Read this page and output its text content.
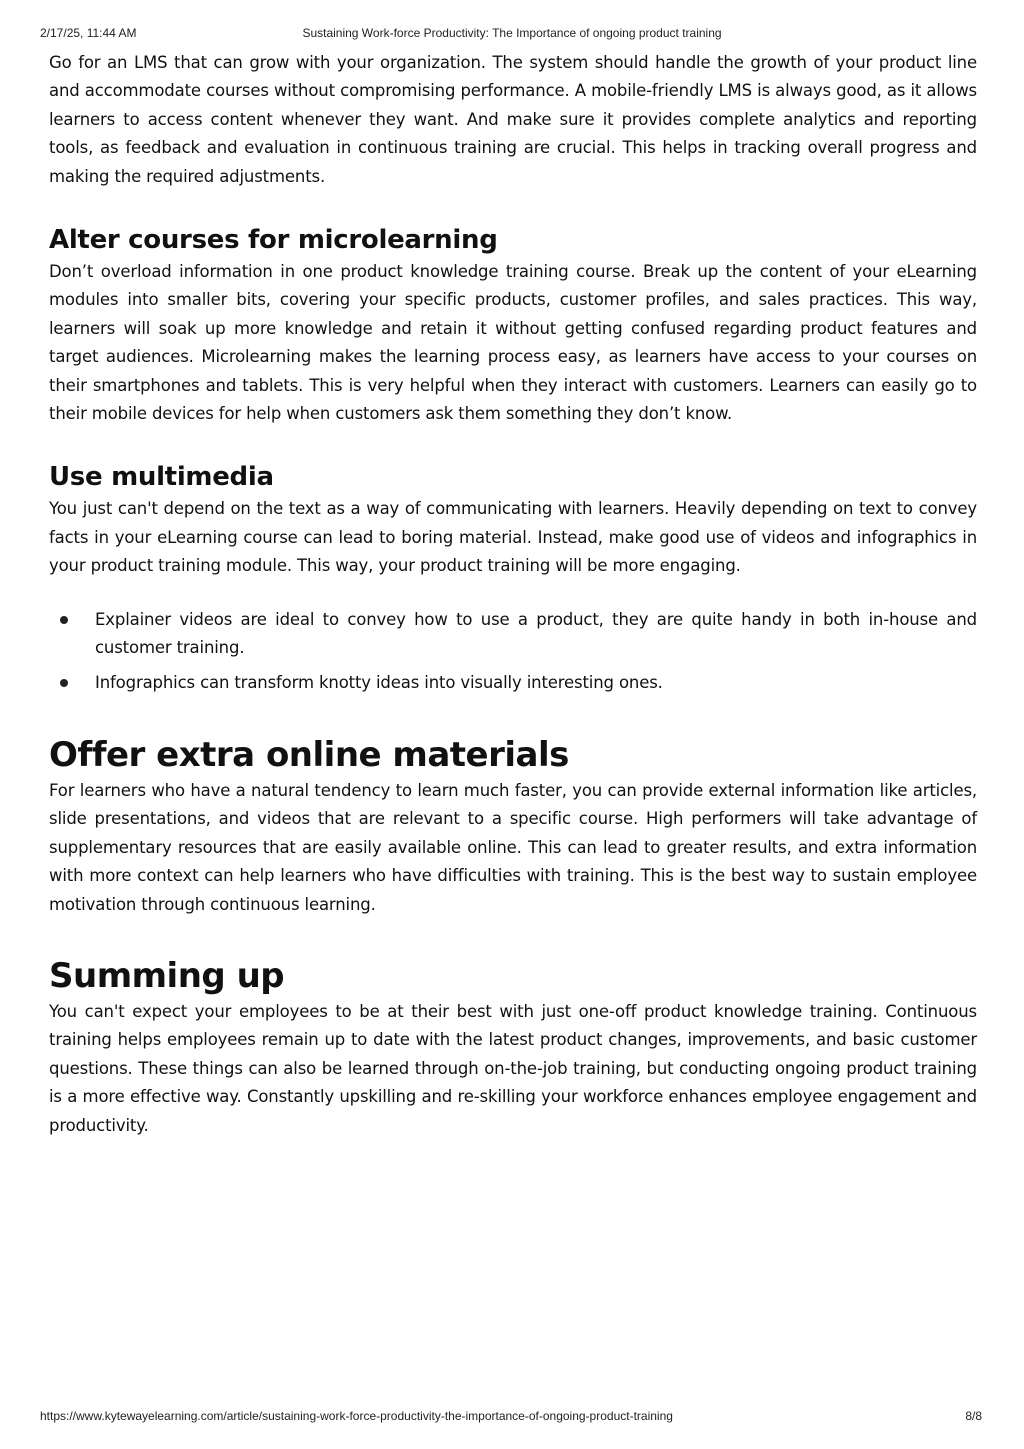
2/17/25, 11:44 AM	Sustaining Work-force Productivity: The Importance of ongoing product training

Go for an LMS that can grow with your organization. The system should handle the growth of your product line and accommodate courses without compromising performance. A mobile-friendly LMS is always good, as it allows learners to access content whenever they want. And make sure it provides complete analytics and reporting tools, as feedback and evaluation in continuous training are crucial. This helps in tracking overall progress and making the required adjustments.

Alter courses for microlearning

Don’t overload information in one product knowledge training course. Break up the content of your eLearning modules into smaller bits, covering your specific products, customer profiles, and sales practices. This way, learners will soak up more knowledge and retain it without getting confused regarding product features and target audiences. Microlearning makes the learning process easy, as learners have access to your courses on their smartphones and tablets. This is very helpful when they interact with customers. Learners can easily go to their mobile devices for help when customers ask them something they don’t know.

Use multimedia

You just can't depend on the text as a way of communicating with learners. Heavily depending on text to convey facts in your eLearning course can lead to boring material. Instead, make good use of videos and infographics in your product training module. This way, your product training will be more engaging.

Explainer videos are ideal to convey how to use a product, they are quite handy in both in-house and customer training.
Infographics can transform knotty ideas into visually interesting ones.
Offer extra online materials

For learners who have a natural tendency to learn much faster, you can provide external information like articles, slide presentations, and videos that are relevant to a specific course. High performers will take advantage of supplementary resources that are easily available online. This can lead to greater results, and extra information with more context can help learners who have difficulties with training. This is the best way to sustain employee motivation through continuous learning.

Summing up

You can't expect your employees to be at their best with just one-off product knowledge training. Continuous training helps employees remain up to date with the latest product changes, improvements, and basic customer questions. These things can also be learned through on-the-job training, but conducting ongoing product training is a more effective way. Constantly upskilling and re-skilling your workforce enhances employee engagement and productivity.

https://www.kytewayelearning.com/article/sustaining-work-force-productivity-the-importance-of-ongoing-product-training	8/8
